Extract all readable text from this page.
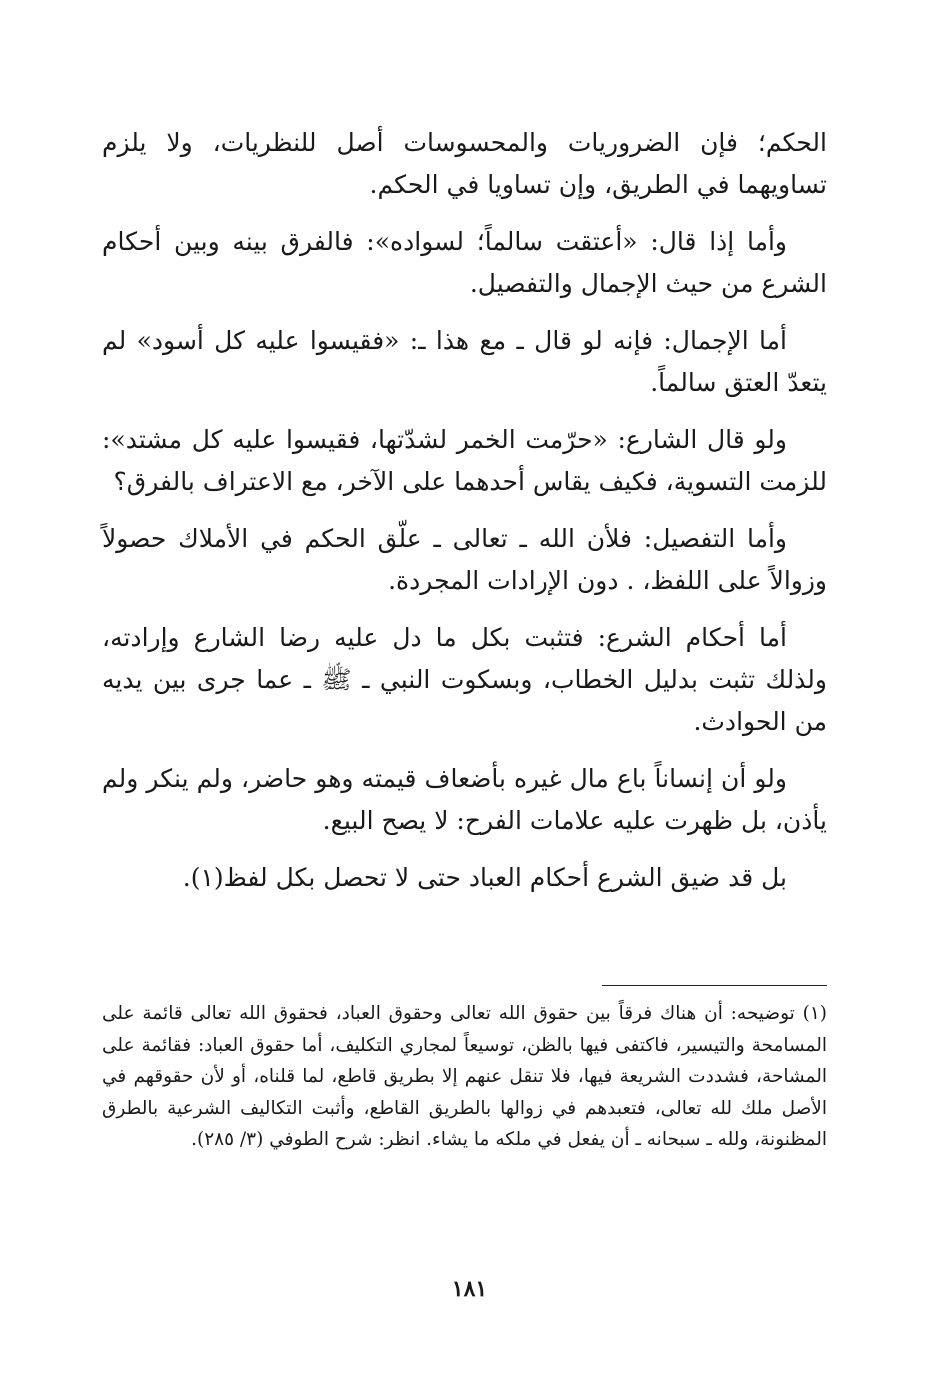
الحكم؛ فإن الضروريات والمحسوسات أصل للنظريات، ولا يلزم تساويهما في الطريق، وإن تساويا في الحكم.

وأما إذا قال: «أعتقت سالماً؛ لسواده»: فالفرق بينه وبين أحكام الشرع من حيث الإجمال والتفصيل.

أما الإجمال: فإنه لو قال ـ مع هذا ـ: «فقيسوا عليه كل أسود» لم يتعدّ العتق سالماً.

ولو قال الشارع: «حرّمت الخمر لشدّتها، فقيسوا عليه كل مشتد»: للزمت التسوية، فكيف يقاس أحدهما على الآخر، مع الاعتراف بالفرق؟

وأما التفصيل: فلأن الله ـ تعالى ـ علّق الحكم في الأملاك حصولاً وزوالاً على اللفظ، . دون الإرادات المجردة.

أما أحكام الشرع: فتثبت بكل ما دل عليه رضا الشارع وإرادته، ولذلك تثبت بدليل الخطاب، وبسكوت النبي ـ ﷺ ـ عما جرى بين يديه من الحوادث.

ولو أن إنساناً باع مال غيره بأضعاف قيمته وهو حاضر، ولم ينكر ولم يأذن، بل ظهرت عليه علامات الفرح: لا يصح البيع.

بل قد ضيق الشرع أحكام العباد حتى لا تحصل بكل لفظ(١).

(١) توضيحه: أن هناك فرقاً بين حقوق الله تعالى وحقوق العباد، فحقوق الله تعالى قائمة على المسامحة والتيسير، فاكتفى فيها بالظن، توسيعاً لمجاري التكليف، أما حقوق العباد: فقائمة على المشاحة، فشددت الشريعة فيها، فلا تنقل عنهم إلا بطريق قاطع، لما قلناه، أو لأن حقوقهم في الأصل ملك لله تعالى، فتعبدهم في زوالها بالطريق القاطع، وأثبت التكاليف الشرعية بالطرق المظنونة، ولله ـ سبحانه ـ أن يفعل في ملكه ما يشاء. انظر: شرح الطوفي (٣/ ٢٨٥).

١٨١
